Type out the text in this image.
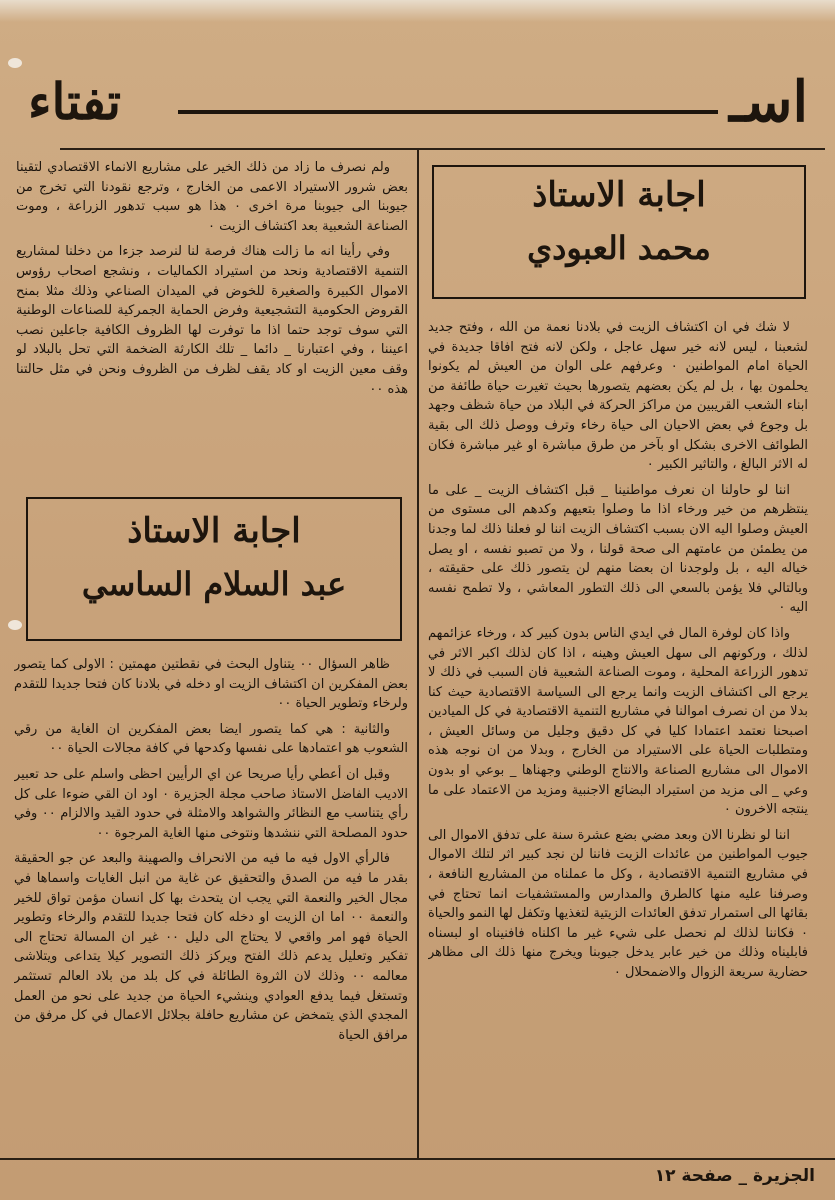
اسـ
تفتاء
اجابة الاستاذ
محمد العبودي

لا شك في ان اكتشاف الزيت في بلادنا نعمة من الله ، وفتح جديد لشعبنا ، ليس لانه خير سهل عاجل ، ولكن لانه فتح افاقا جديدة في الحياة امام المواطنين ٠ وعرفهم على الوان من العيش لم يكونوا يحلمون بها ، بل لم يكن بعضهم يتصورها بحيث تغيرت حياة طائفة من ابناء الشعب القريبين من مراكز الحركة في البلاد من حياة شظف وجهد بل وجوع في بعض الاحيان الى حياة رخاء وترف ووصل ذلك الى بقية الطوائف الاخرى بشكل او بآخر من طرق مباشرة او غير مباشرة فكان له الاثر البالغ ، والتاثير الكبير ٠

اننا لو حاولنا ان نعرف مواطنينا _ قبل اكتشاف الزيت _ على ما ينتظرهم من خير ورخاء اذا ما وصلوا بتعيهم وكدهم الى مستوى من العيش وصلوا اليه الان بسبب اكتشاف الزيت اننا لو فعلنا ذلك لما وجدنا من يطمئن من عامتهم الى صحة قولنا ، ولا من تصبو نفسه ، او يصل خياله اليه ، بل ولوجدنا ان بعضا منهم لن يتصور ذلك على حقيقته ، وبالتالي فلا يؤمن بالسعي الى ذلك التطور المعاشي ، ولا تطمح نفسه اليه ٠

واذا كان لوفرة المال في ايدي الناس بدون كبير كد ، ورخاء عزائمهم لذلك ، وركونهم الى سهل العيش وهينه ، اذا كان لذلك اكبر الاثر في تدهور الزراعة المحلية ، وموت الصناعة الشعبية فان السبب في ذلك لا يرجع الى اكتشاف الزيت وانما يرجع الى السياسة الاقتصادية حيث كنا بدلا من ان نصرف اموالنا في مشاريع التنمية الاقتصادية في كل الميادين اصبحنا نعتمد اعتمادا كليا في كل دقيق وجليل من وسائل العيش ، ومتطلبات الحياة على الاستيراد من الخارج ، وبدلا من ان نوجه هذه الاموال الى مشاريع الصناعة والانتاج الوطني وجهناها _ بوعي او بدون وعي _ الى مزيد من استيراد البضائع الاجنبية ومزيد من الاعتماد على ما ينتجه الاخرون ٠

اننا لو نظرنا الان وبعد مضي بضع عشرة سنة على تدفق الاموال الى جيوب المواطنين من عائدات الزيت فاننا لن نجد كبير اثر لتلك الاموال في مشاريع التنمية الاقتصادية ، وكل ما عملناه من المشاريع النافعة ، وصرفنا عليه منها كالطرق والمدارس والمستشفيات انما تحتاج في بقائها الى استمرار تدفق العائدات الزيتية لتغذيها وتكفل لها النمو والحياة ٠ فكاننا لذلك لم نحصل على شيء غير ما اكلناه فافنيناه او لبسناه فابليناه وذلك من خير عابر يدخل جيوبنا ويخرج منها ذلك الى مظاهر حضارية سريعة الزوال والاضمحلال ٠

ولم نصرف ما زاد من ذلك الخير على مشاريع الانماء الاقتصادي لتقينا بعض شرور الاستيراد الاعمى من الخارج ، وترجع نقودنا التي تخرج من جيوبنا الى جيوبنا مرة اخرى ٠ هذا هو سبب تدهور الزراعة ، وموت الصناعة الشعبية بعد اكتشاف الزيت ٠

وفي رأينا انه ما زالت هناك فرصة لنا لنرصد جزءا من دخلنا لمشاريع التنمية الاقتصادية ونحد من استيراد الكماليات ، ونشجع اصحاب رؤوس الاموال الكبيرة والصغيرة للخوض في الميدان الصناعي وذلك مثلا بمنح القروض الحكومية التشجيعية وفرض الحماية الجمركية للصناعات الوطنية التي سوف توجد حتما اذا ما توفرت لها الظروف الكافية جاعلين نصب اعيننا ، وفي اعتبارنا _ دائما _ تلك الكارثة الضخمة التي تحل بالبلاد لو وقف معين الزيت او كاد يقف لظرف من الظروف ونحن في مثل حالتنا هذه ٠٠

اجابة الاستاذ
عبد السلام الساسي

ظاهر السؤال ٠٠ يتناول البحث في نقطتين مهمتين : الاولى كما يتصور بعض المفكرين ان اكتشاف الزيت او دخله في بلادنا كان فتحا جديدا للتقدم ولرخاء وتطوير الحياة ٠٠

والثانية : هي كما يتصور ايضا بعض المفكرين ان الغاية من رقي الشعوب هو اعتمادها على نفسها وكدحها في كافة مجالات الحياة ٠٠

وقبل ان أعطي رأيا صريحا عن اي الرأيين احظى واسلم على حد تعبير الاديب الفاضل الاستاذ صاحب مجلة الجزيرة ٠ اود ان القي ضوءا على كل رأي يتناسب مع النظائر والشواهد والامثلة في حدود القيد والالزام ٠٠ وفي حدود المصلحة التي ننشدها ونتوخى منها الغاية المرجوة ٠٠

فالرأي الاول فيه ما فيه من الانحراف والصهينة والبعد عن جو الحقيقة بقدر ما فيه من الصدق والتحقيق عن غاية من انبل الغايات واسماها في مجال الخير والنعمة التي يجب ان يتحدث بها كل انسان مؤمن تواق للخير والنعمة ٠٠ اما ان الزيت او دخله كان فتحا جديدا للتقدم والرخاء وتطوير الحياة فهو امر واقعي لا يحتاج الى دليل ٠٠ غير ان المسالة تحتاج الى تفكير وتعليل يدعم ذلك الفتح ويركز ذلك التصوير كيلا يتداعى ويتلاشى معالمه ٠٠ وذلك لان الثروة الطائلة في كل بلد من بلاد العالم تستثمر وتستغل فيما يدفع العوادي وينشيء الحياة من جديد على نحو من العمل المجدي الذي يتمخض عن مشاريع حافلة بجلائل الاعمال في كل مرفق من مرافق الحياة

الجزيرة _ صفحة ١٢
